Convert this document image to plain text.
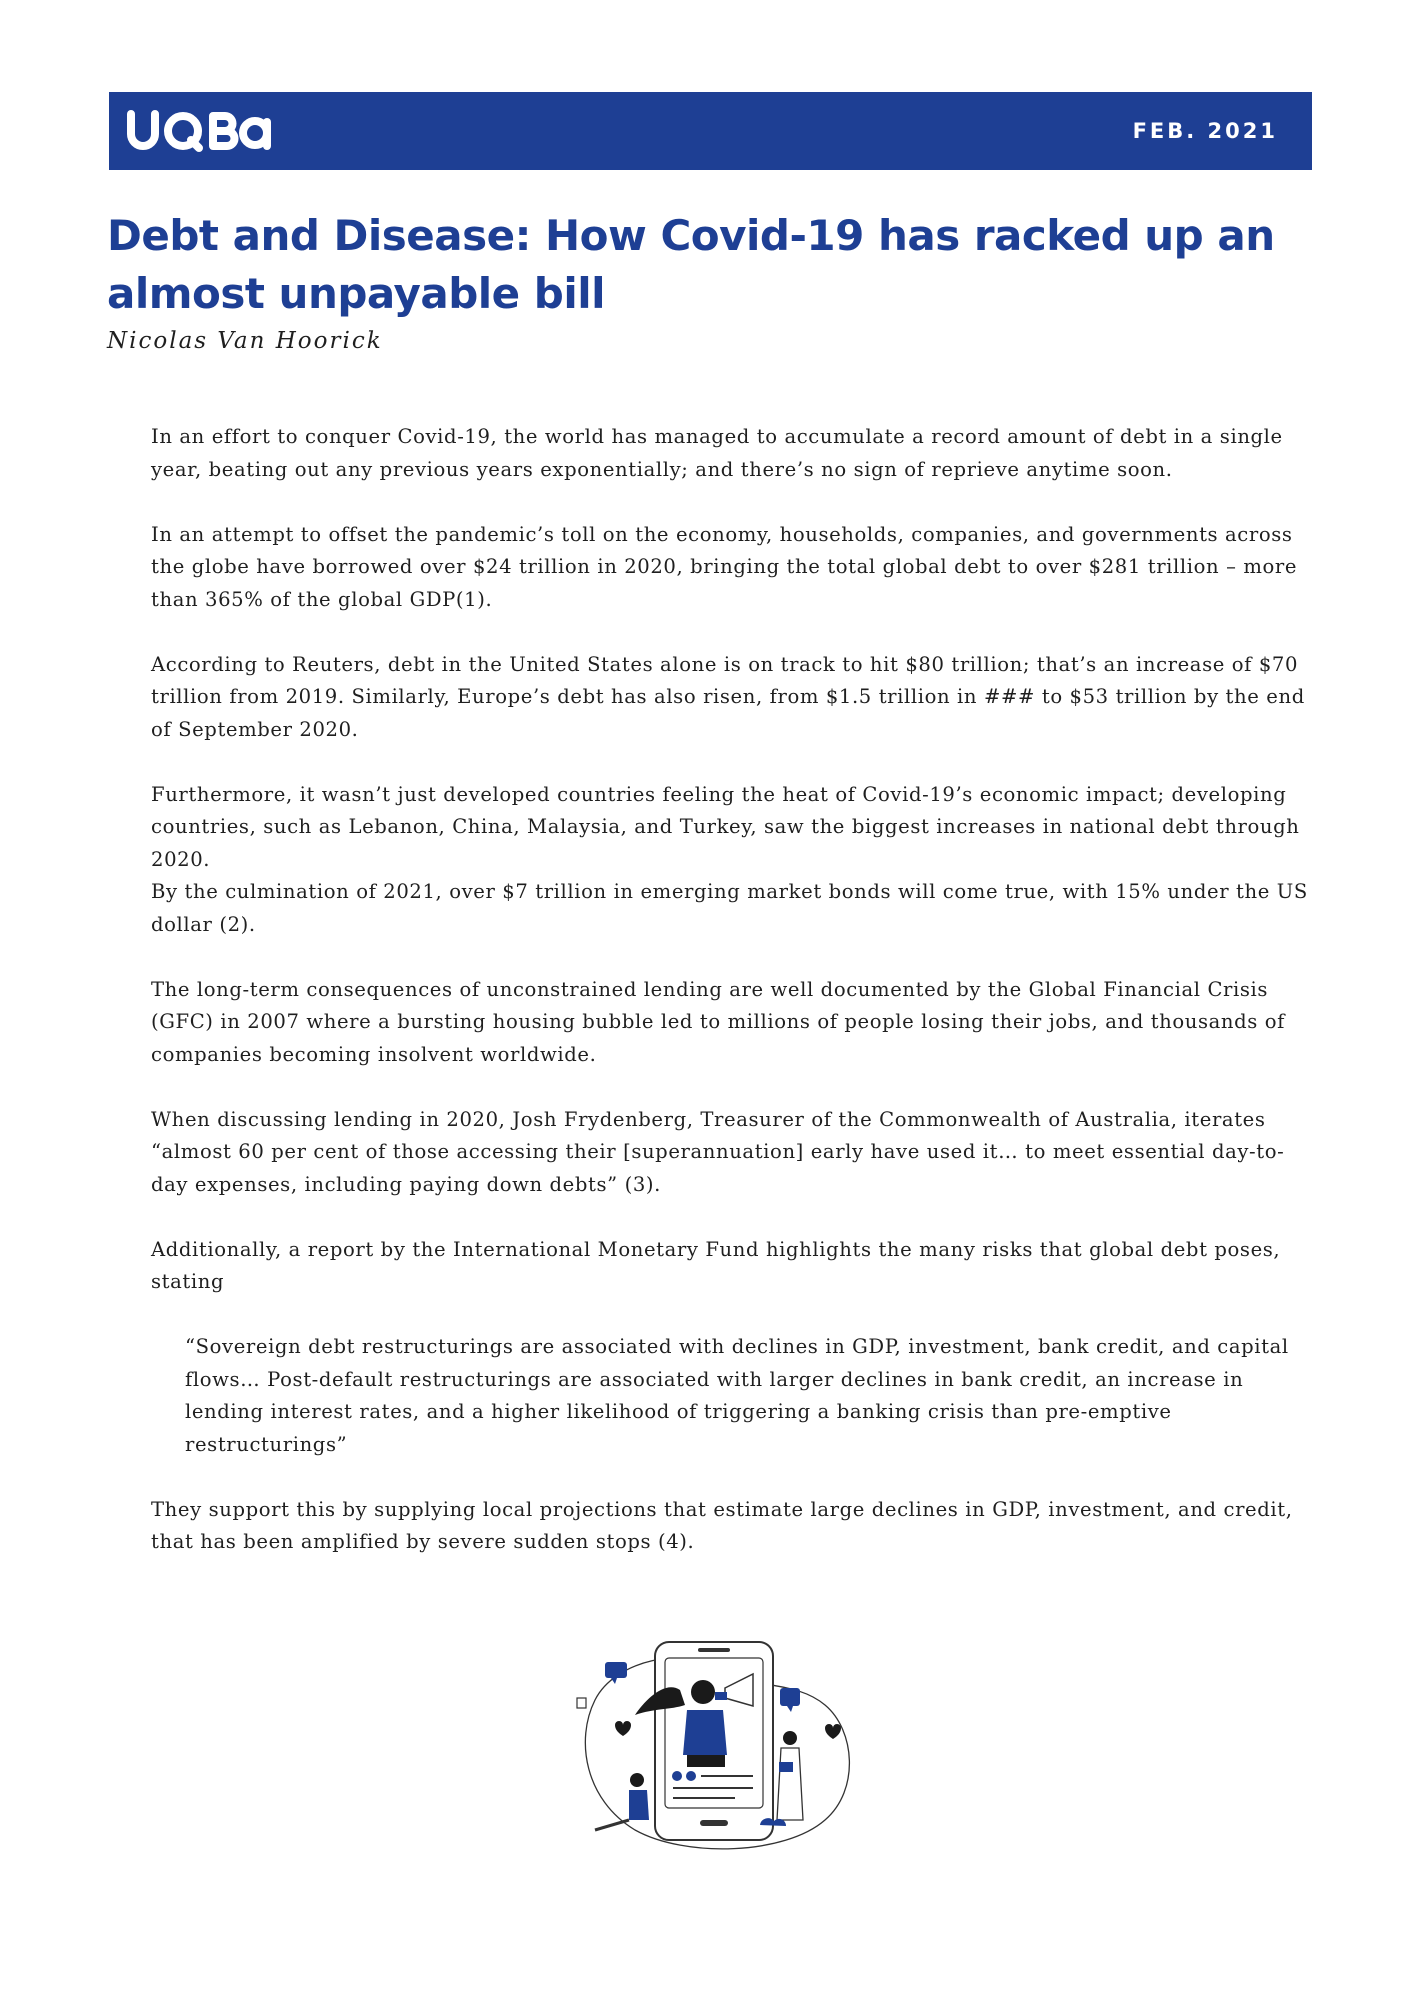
FEB. 2021
Debt and Disease: How Covid-19 has racked up an almost unpayable bill

Nicolas Van Hoorick

In an effort to conquer Covid-19, the world has managed to accumulate a record amount of debt in a single year, beating out any previous years exponentially; and there’s no sign of reprieve anytime soon.

In an attempt to offset the pandemic’s toll on the economy, households, companies, and governments across the globe have borrowed over $24 trillion in 2020, bringing the total global debt to over $281 trillion – more than 365% of the global GDP(1).

According to Reuters, debt in the United States alone is on track to hit $80 trillion; that’s an increase of $70 trillion from 2019. Similarly, Europe’s debt has also risen, from $1.5 trillion in ### to $53 trillion by the end of September 2020.

Furthermore, it wasn’t just developed countries feeling the heat of Covid-19’s economic impact; developing countries, such as Lebanon, China, Malaysia, and Turkey, saw the biggest increases in national debt through 2020.

By the culmination of 2021, over $7 trillion in emerging market bonds will come true, with 15% under the US dollar (2).

The long-term consequences of unconstrained lending are well documented by the Global Financial Crisis (GFC) in 2007 where a bursting housing bubble led to millions of people losing their jobs, and thousands of companies becoming insolvent worldwide.

When discussing lending in 2020, Josh Frydenberg, Treasurer of the Commonwealth of Australia, iterates “almost 60 per cent of those accessing their [superannuation] early have used it… to meet essential day-to-day expenses, including paying down debts” (3).

Additionally, a report by the International Monetary Fund highlights the many risks that global debt poses, stating

“Sovereign debt restructurings are associated with declines in GDP, investment, bank credit, and capital flows… Post-default restructurings are associated with larger declines in bank credit, an increase in lending interest rates, and a higher likelihood of triggering a banking crisis than pre-emptive restructurings”

They support this by supplying local projections that estimate large declines in GDP, investment, and credit, that has been amplified by severe sudden stops (4).
